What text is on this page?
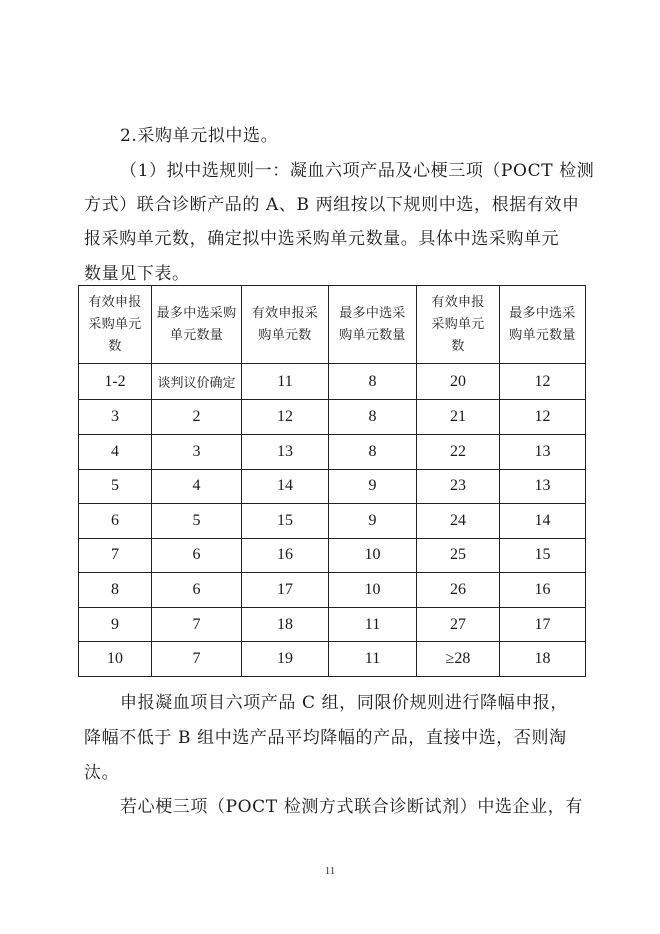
2.采购单元拟中选。
（1）拟中选规则一：凝血六项产品及心梗三项（POCT 检测
方式）联合诊断产品的 A、B 两组按以下规则中选，根据有效申
报采购单元数，确定拟中选采购单元数量。具体中选采购单元
数量见下表。
有效申报采购单元数	最多中选采购单元数量	有效申报采购单元数	最多中选采购单元数量	有效申报采购单元数	最多中选采购单元数量
1-2	谈判议价确定	11	8	20	12
3	2	12	8	21	12
4	3	13	8	22	13
5	4	14	9	23	13
6	5	15	9	24	14
7	6	16	10	25	15
8	6	17	10	26	16
9	7	18	11	27	17
10	7	19	11	≥28	18
申报凝血项目六项产品 C 组，同限价规则进行降幅申报，
降幅不低于 B 组中选产品平均降幅的产品，直接中选，否则淘
汰。
若心梗三项（POCT 检测方式联合诊断试剂）中选企业，有
11
